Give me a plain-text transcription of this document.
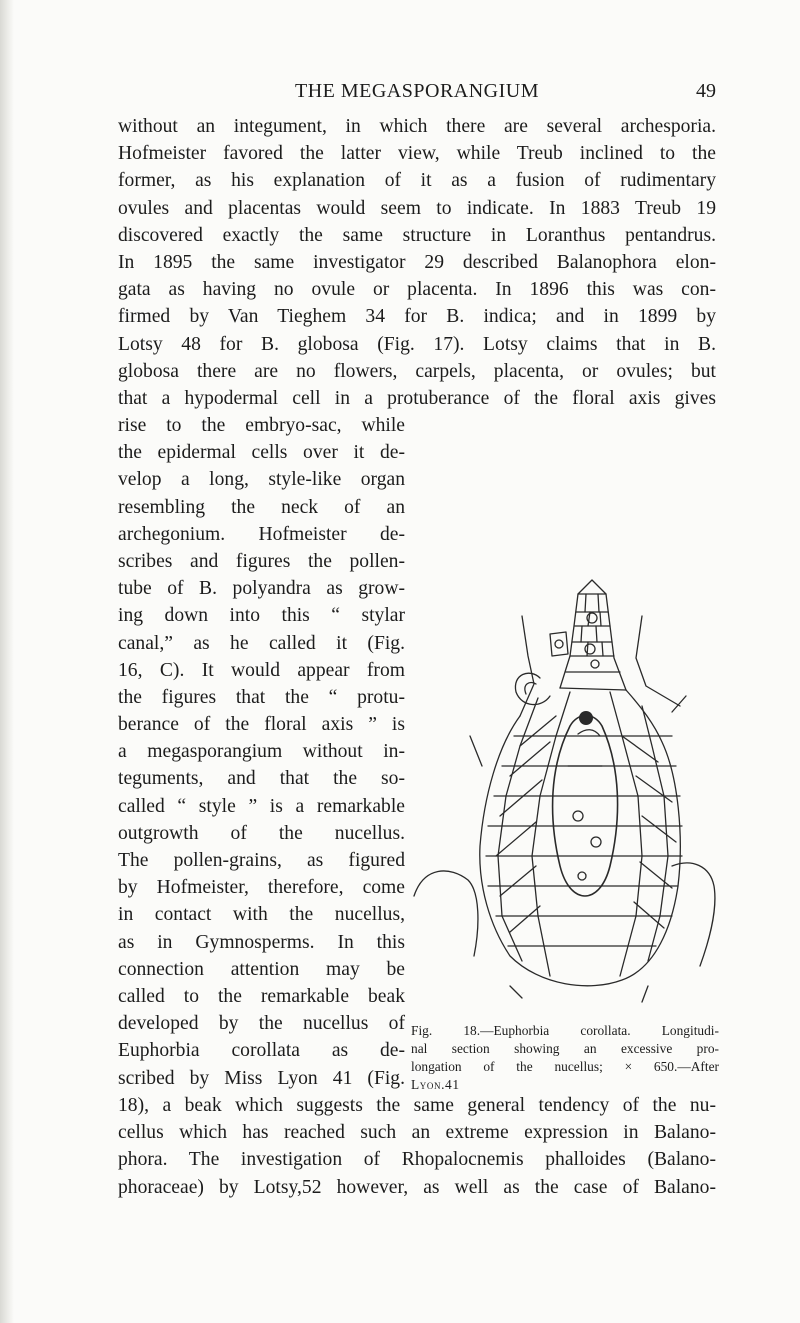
THE MEGASPORANGIUM	49
without an integument, in which there are several archesporia.
Hofmeister favored the latter view, while Treub inclined to the
former, as his explanation of it as a fusion of rudimentary
ovules and placentas would seem to indicate. In 1883 Treub 19
discovered exactly the same structure in Loranthus pentandrus.
In 1895 the same investigator 29 described Balanophora elon-
gata as having no ovule or placenta. In 1896 this was con-
firmed by Van Tieghem 34 for B. indica; and in 1899 by
Lotsy 48 for B. globosa (Fig. 17). Lotsy claims that in B.
globosa there are no flowers, carpels, placenta, or ovules; but
that a hypodermal cell in a protuberance of the floral axis gives
rise to the embryo-sac, while
the epidermal cells over it de-
velop a long, style-like organ
resembling the neck of an
archegonium. Hofmeister de-
scribes and figures the pollen-
tube of B. polyandra as grow-
ing down into this “ stylar
canal,” as he called it (Fig.
16, C). It would appear from
the figures that the “ protu-
berance of the floral axis ” is
a megasporangium without in-
teguments, and that the so-
called “ style ” is a remarkable
outgrowth of the nucellus.
The pollen-grains, as figured
by Hofmeister, therefore, come
in contact with the nucellus,
as in Gymnosperms. In this
connection attention may be
called to the remarkable beak
developed by the nucellus of
Euphorbia corollata as de-
scribed by Miss Lyon 41 (Fig.
18), a beak which suggests the same general tendency of the nu-
cellus which has reached such an extreme expression in Balano-
phora. The investigation of Rhopalocnemis phalloides (Balano-
phoraceae) by Lotsy,52 however, as well as the case of Balano-
Fig. 18.—Euphorbia corollata. Longitudi-
nal section showing an excessive pro-
longation of the nucellus; × 650.—After
Lyon.41
